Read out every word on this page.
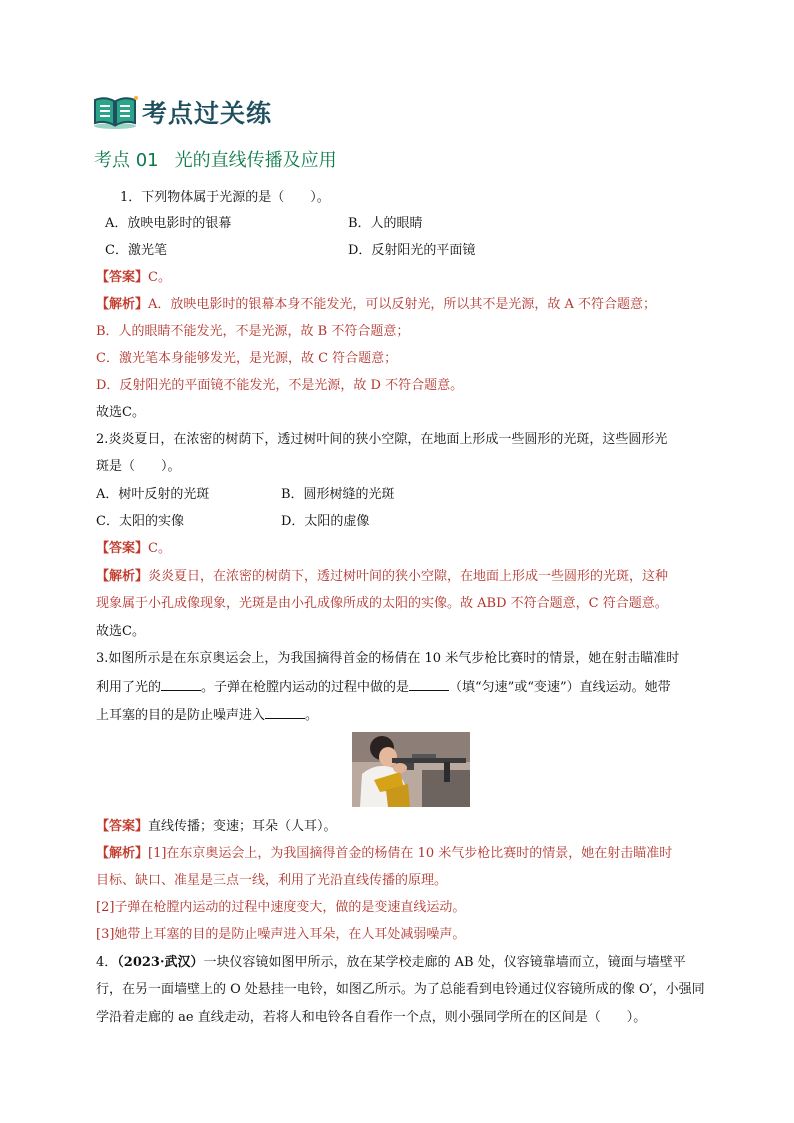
考点过关练
考点 01 光的直线传播及应用
1．下列物体属于光源的是（　　）。
A．放映电影时的银幕	B．人的眼睛
C．激光笔	D．反射阳光的平面镜
【答案】C。
【解析】A．放映电影时的银幕本身不能发光，可以反射光，所以其不是光源，故 A 不符合题意；
B．人的眼睛不能发光，不是光源，故 B 不符合题意；
C．激光笔本身能够发光，是光源，故 C 符合题意；
D．反射阳光的平面镜不能发光，不是光源，故 D 不符合题意。
故选C。
2.炎炎夏日，在浓密的树荫下，透过树叶间的狭小空隙，在地面上形成一些圆形的光斑，这些圆形光
斑是（　　）。
A．树叶反射的光斑	B．圆形树缝的光斑
C．太阳的实像	D．太阳的虚像
【答案】C。
【解析】炎炎夏日，在浓密的树荫下，透过树叶间的狭小空隙，在地面上形成一些圆形的光斑，这种
现象属于小孔成像现象，光斑是由小孔成像所成的太阳的实像。故 ABD 不符合题意，C 符合题意。
故选C。
3.如图所示是在东京奥运会上，为我国摘得首金的杨倩在 10 米气步枪比赛时的情景，她在射击瞄准时
利用了光的	。子弹在枪膛内运动的过程中做的是	（填“匀速”或“变速”）直线运动。她带
上耳塞的目的是防止噪声进入	。
【答案】直线传播；变速；耳朵（人耳）。
【解析】[1]在东京奥运会上，为我国摘得首金的杨倩在 10 米气步枪比赛时的情景，她在射击瞄准时
目标、缺口、准星是三点一线，利用了光沿直线传播的原理。
[2]子弹在枪膛内运动的过程中速度变大，做的是变速直线运动。
[3]她带上耳塞的目的是防止噪声进入耳朵，在人耳处减弱噪声。
4．（2023·武汉）一块仪容镜如图甲所示，放在某学校走廊的 AB 处，仪容镜靠墙而立，镜面与墙壁平
行，在另一面墙壁上的 O 处悬挂一电铃，如图乙所示。为了总能看到电铃通过仪容镜所成的像 O′，小强同
学沿着走廊的 ae 直线走动，若将人和电铃各自看作一个点，则小强同学所在的区间是（　　）。
